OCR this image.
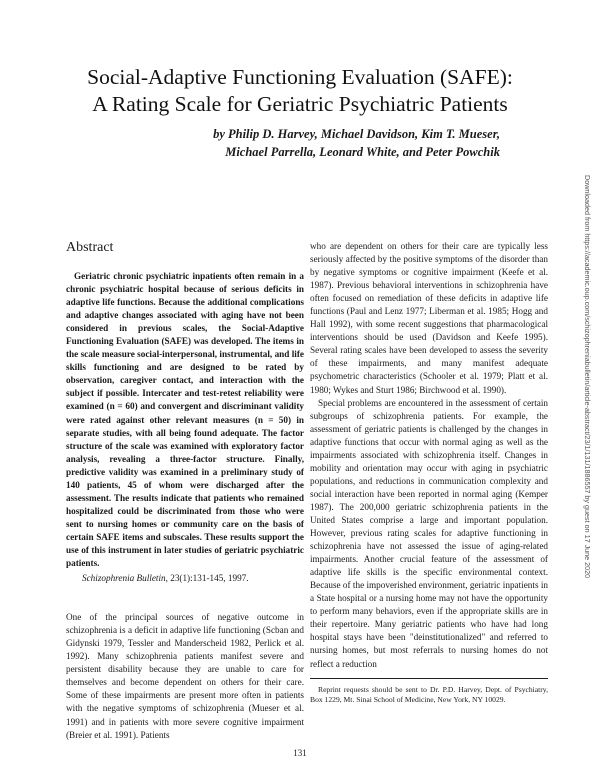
Social-Adaptive Functioning Evaluation (SAFE):
A Rating Scale for Geriatric Psychiatric Patients
by Philip D. Harvey, Michael Davidson, Kim T. Mueser,
Michael Parrella, Leonard White, and Peter Powchik
Abstract

Geriatric chronic psychiatric inpatients often remain in a chronic psychiatric hospital because of serious deficits in adaptive life functions. Because the additional complications and adaptive changes associated with aging have not been considered in previous scales, the Social-Adaptive Functioning Evaluation (SAFE) was developed. The items in the scale measure social-interpersonal, instrumental, and life skills functioning and are designed to be rated by observation, caregiver contact, and interaction with the subject if possible. Intercater and test-retest reliability were examined (n = 60) and convergent and discriminant validity were rated against other relevant measures (n = 50) in separate studies, with all being found adequate. The factor structure of the scale was examined with exploratory factor analysis, revealing a three-factor structure. Finally, predictive validity was examined in a preliminary study of 140 patients, 45 of whom were discharged after the assessment. The results indicate that patients who remained hospitalized could be discriminated from those who were sent to nursing homes or community care on the basis of certain SAFE items and subscales. These results support the use of this instrument in later studies of geriatric psychiatric patients.

Schizophrenia Bulletin, 23(1):131-145, 1997.

One of the principal sources of negative outcome in schizophrenia is a deficit in adaptive life functioning (Scban and Gidynski 1979, Tessler and Manderscheid 1982, Perlick et al. 1992). Many schizophrenia patients manifest severe and persistent disability because they are unable to care for themselves and become dependent on others for their care. Some of these impairments are present more often in patients with the negative symptoms of schizophrenia (Mueser et al. 1991) and in patients with more severe cognitive impairment (Breier et al. 1991). Patients

who are dependent on others for their care are typically less seriously affected by the positive symptoms of the disorder than by negative symptoms or cognitive impairment (Keefe et al. 1987). Previous behavioral interventions in schizophrenia have often focused on remediation of these deficits in adaptive life functions (Paul and Lenz 1977; Liberman et al. 1985; Hogg and Hall 1992), with some recent suggestions that pharmacological interventions should be used (Davidson and Keefe 1995). Several rating scales have been developed to assess the severity of these impairments, and many manifest adequate psychometric characteristics (Schooler et al. 1979; Platt et al. 1980; Wykes and Sturt 1986; Birchwood et al. 1990).

Special problems are encountered in the assessment of certain subgroups of schizophrenia patients. For example, the assessment of geriatric patients is challenged by the changes in adaptive functions that occur with normal aging as well as the impairments associated with schizophrenia itself. Changes in mobility and orientation may occur with aging in psychiatric populations, and reductions in communication complexity and social interaction have been reported in normal aging (Kemper 1987). The 200,000 geriatric schizophrenia patients in the United States comprise a large and important population. However, previous rating scales for adaptive functioning in schizophrenia have not assessed the issue of aging-related impairments. Another crucial feature of the assessment of adaptive life skills is the specific environmental context. Because of the impoverished environment, geriatric inpatients in a State hospital or a nursing home may not have the opportunity to perform many behaviors, even if the appropriate skills are in their repertoire. Many geriatric patients who have had long hospital stays have been "deinstitutionalized" and referred to nursing homes, but most referrals to nursing homes do not reflect a reduction

Reprint requests should be sent to Dr. P.D. Harvey, Dept. of Psychiatry, Box 1229, Mt. Sinai School of Medicine, New York, NY 10029.

131
Downloaded from https://academic.oup.com/schizophreniabulletin/article-abstract/23/1/131/1886557 by guest on 17 June 2020
